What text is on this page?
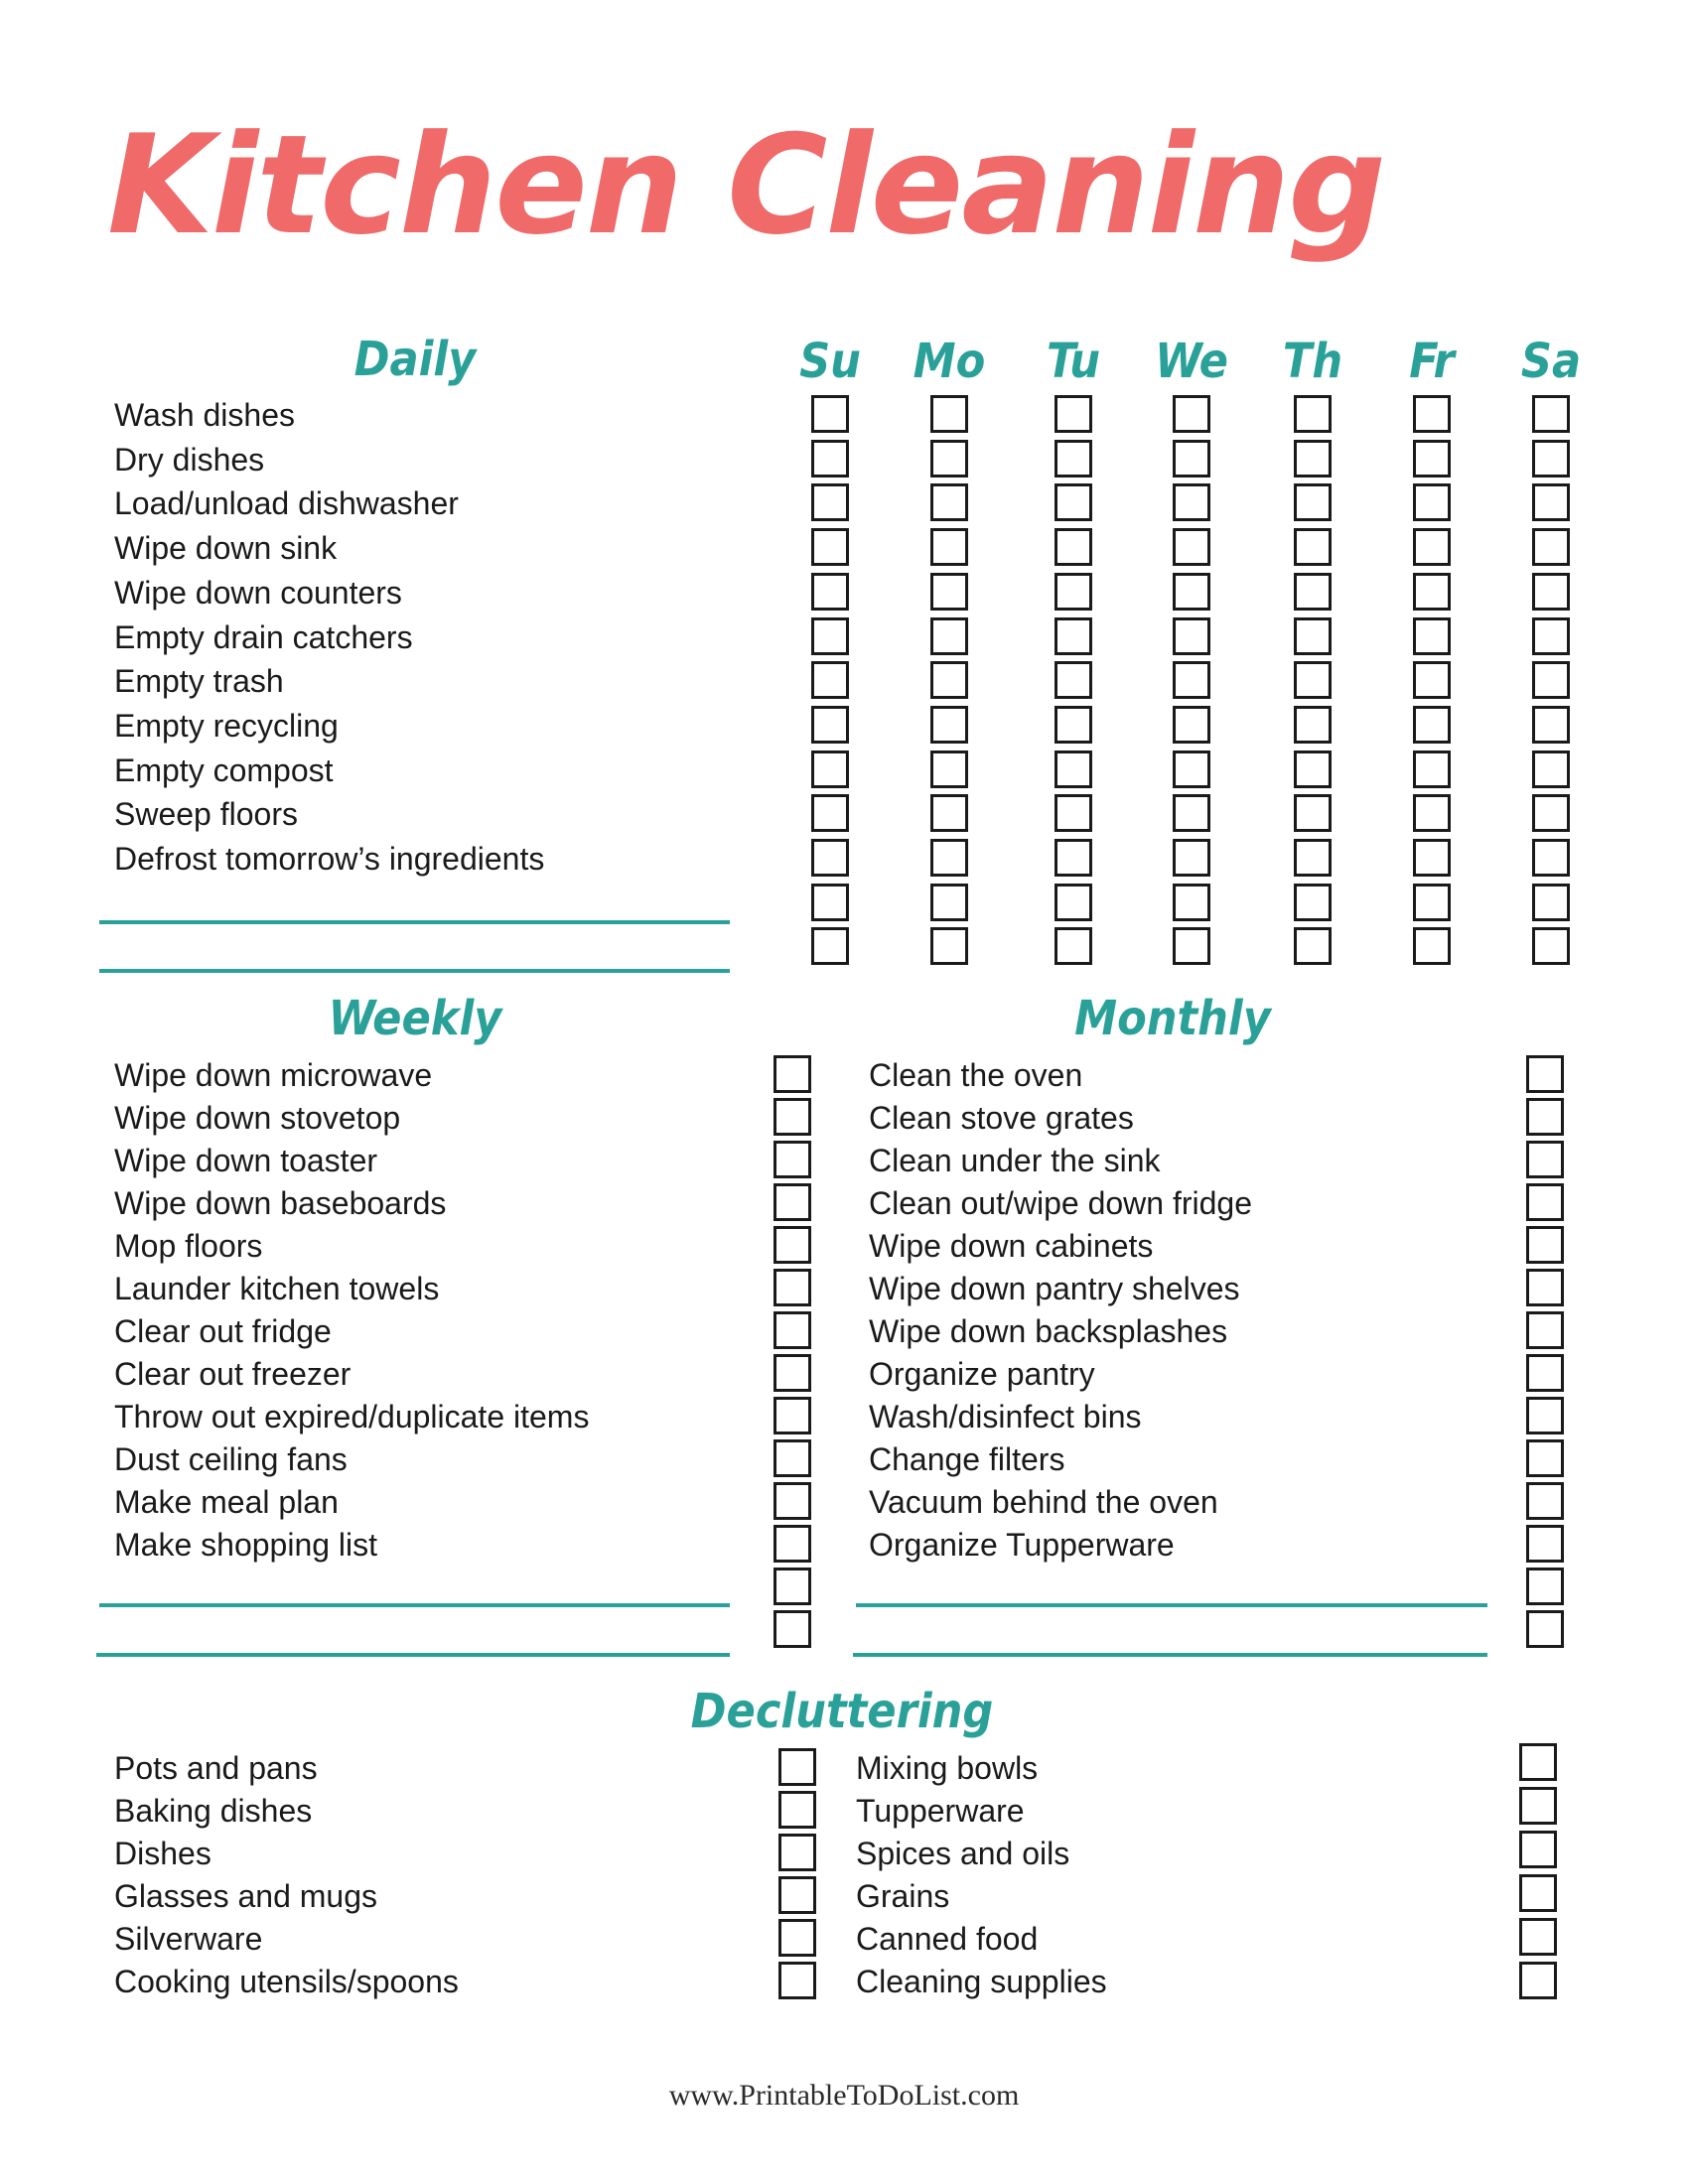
Kitchen Cleaning
Daily	Su	Mo	Tu	We	Th	Fr	Sa
Wash dishes
Dry dishes
Load/unload dishwasher
Wipe down sink
Wipe down counters
Empty drain catchers
Empty trash
Empty recycling
Empty compost
Sweep floors
Defrost tomorrow’s ingredients
Weekly	Monthly
Wipe down microwave
Wipe down stovetop
Wipe down toaster
Wipe down baseboards
Mop floors
Launder kitchen towels
Clear out fridge
Clear out freezer
Throw out expired/duplicate items
Dust ceiling fans
Make meal plan
Make shopping list
Clean the oven
Clean stove grates
Clean under the sink
Clean out/wipe down fridge
Wipe down cabinets
Wipe down pantry shelves
Wipe down backsplashes
Organize pantry
Wash/disinfect bins
Change filters
Vacuum behind the oven
Organize Tupperware
Decluttering
Pots and pans
Baking dishes
Dishes
Glasses and mugs
Silverware
Cooking utensils/spoons
Mixing bowls
Tupperware
Spices and oils
Grains
Canned food
Cleaning supplies
www.PrintableToDoList.com
